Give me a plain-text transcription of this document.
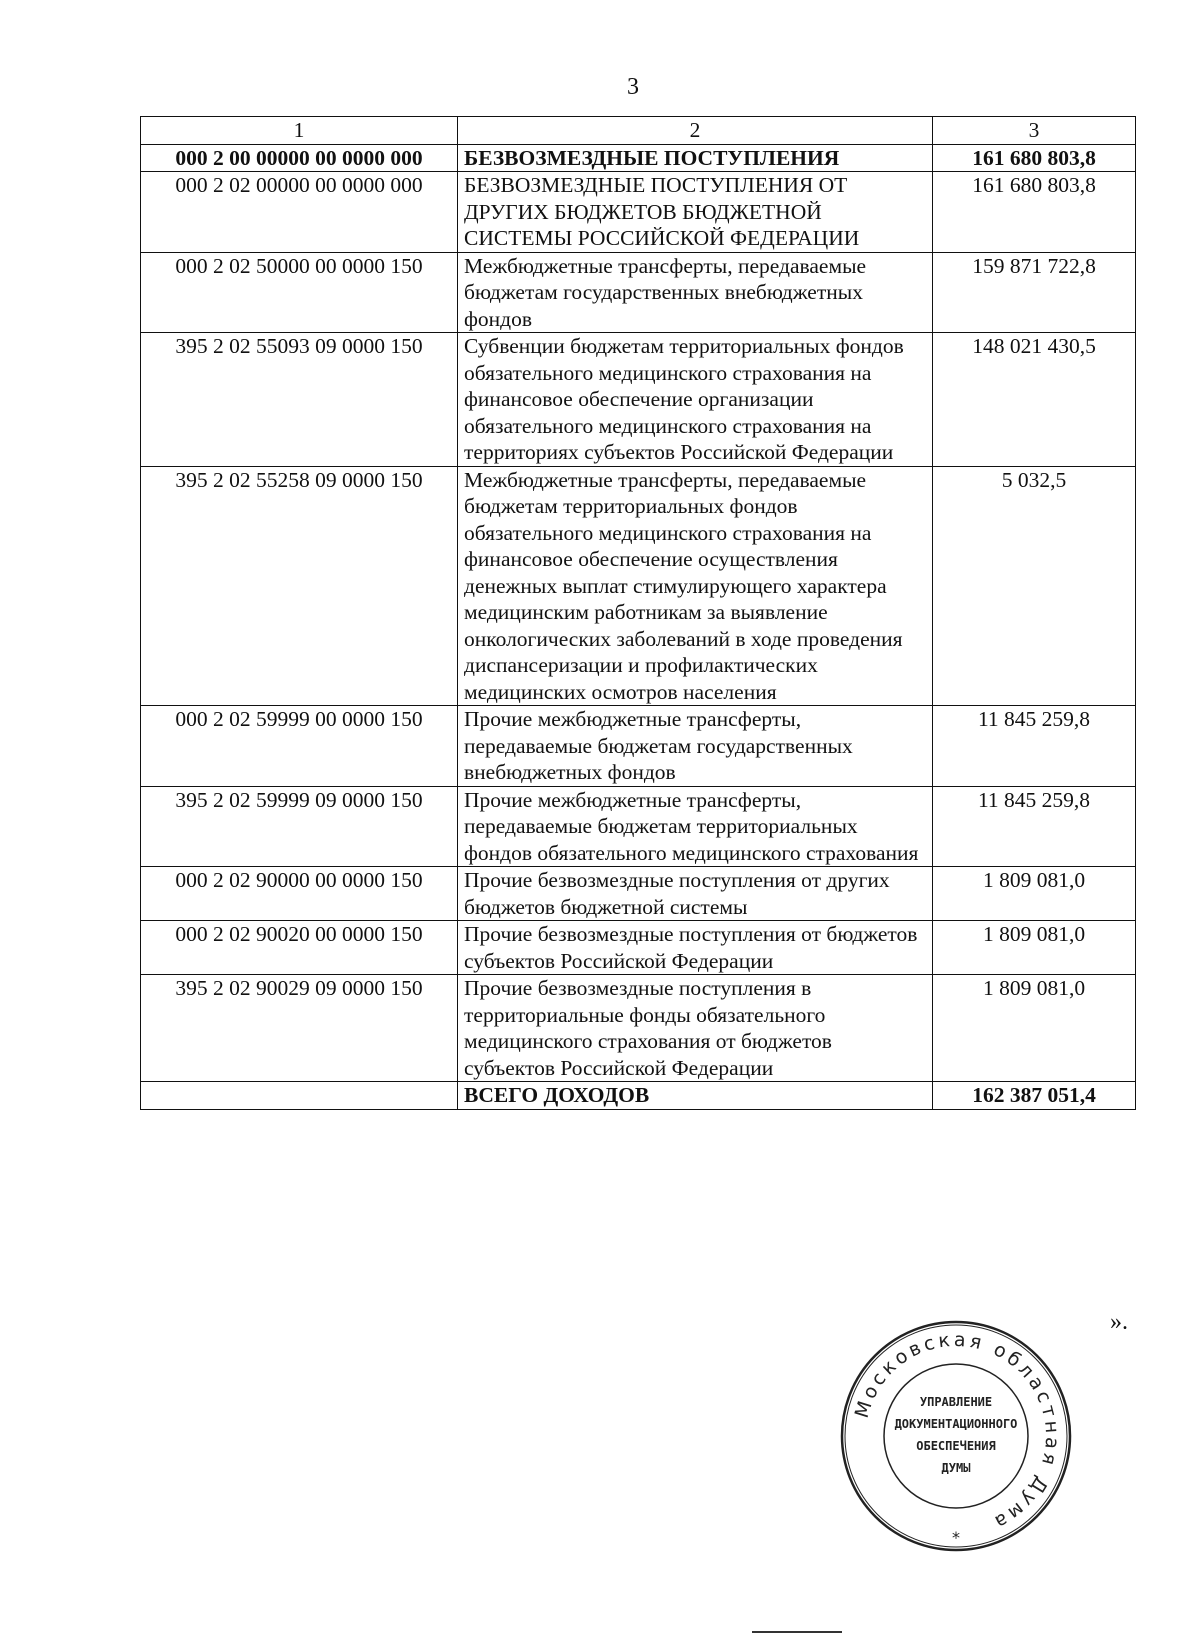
3
1	2	3
000 2 00 00000 00 0000 000	БЕЗВОЗМЕЗДНЫЕ ПОСТУПЛЕНИЯ	161 680 803,8
000 2 02 00000 00 0000 000	БЕЗВОЗМЕЗДНЫЕ ПОСТУПЛЕНИЯ ОТ ДРУГИХ БЮДЖЕТОВ БЮДЖЕТНОЙ СИСТЕМЫ РОССИЙСКОЙ ФЕДЕРАЦИИ	161 680 803,8
000 2 02 50000 00 0000 150	Межбюджетные трансферты, передаваемые бюджетам государственных внебюджетных фондов	159 871 722,8
395 2 02 55093 09 0000 150	Субвенции бюджетам территориальных фондов обязательного медицинского страхования на финансовое обеспечение организации обязательного медицинского страхования на территориях субъектов Российской Федерации	148 021 430,5
395 2 02 55258 09 0000 150	Межбюджетные трансферты, передаваемые бюджетам территориальных фондов обязательного медицинского страхования на финансовое обеспечение осуществления денежных выплат стимулирующего характера медицинским работникам за выявление онкологических заболеваний в ходе проведения диспансеризации и профилактических медицинских осмотров населения	5 032,5
000 2 02 59999 00 0000 150	Прочие межбюджетные трансферты, передаваемые бюджетам государственных внебюджетных фондов	11 845 259,8
395 2 02 59999 09 0000 150	Прочие межбюджетные трансферты, передаваемые бюджетам территориальных фондов обязательного медицинского страхования	11 845 259,8
000 2 02 90000 00 0000 150	Прочие безвозмездные поступления от других бюджетов бюджетной системы	1 809 081,0
000 2 02 90020 00 0000 150	Прочие безвозмездные поступления от бюджетов субъектов Российской Федерации	1 809 081,0
395 2 02 90029 09 0000 150	Прочие безвозмездные поступления в территориальные фонды обязательного медицинского страхования от бюджетов субъектов Российской Федерации	1 809 081,0
	ВСЕГО ДОХОДОВ	162 387 051,4
».
Московская областная Дума
УПРАВЛЕНИЕ
ДОКУМЕНТАЦИОННОГО
ОБЕСПЕЧЕНИЯ
ДУМЫ
*
